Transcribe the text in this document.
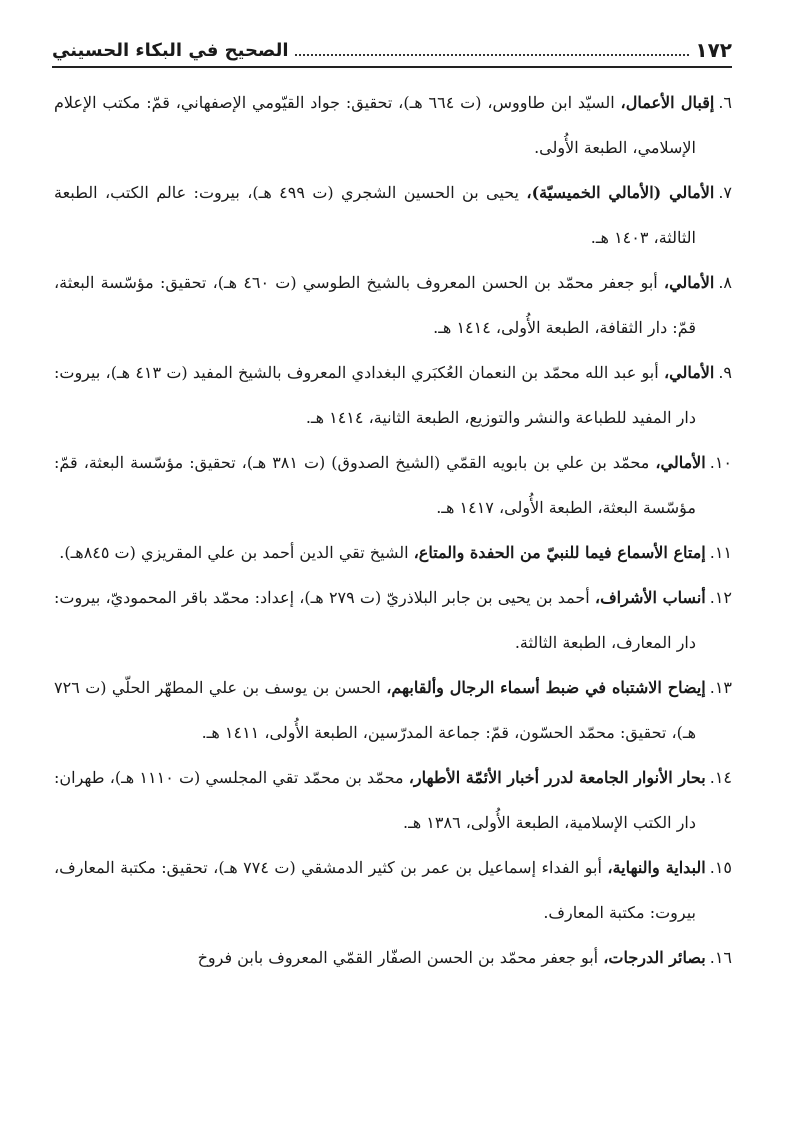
١٧٢
الصحيح في البكاء الحسيني
٦.إقبال الأعمال، السيّد ابن طاووس، (ت ٦٦٤ هـ)، تحقيق: جواد القيّومي الإصفهاني، قمّ: مكتب الإعلام الإسلامي، الطبعة الأُولى.
٧.الأمالي (الأمالي الخميسيّة)، يحيى بن الحسين الشجري (ت ٤٩٩ هـ)، بيروت: عالم الكتب، الطبعة الثالثة، ١٤٠٣ هـ.
٨.الأمالي، أبو جعفر محمّد بن الحسن المعروف بالشيخ الطوسي (ت ٤٦٠ هـ)، تحقيق: مؤسّسة البعثة، قمّ: دار الثقافة، الطبعة الأُولى، ١٤١٤ هـ.
٩.الأمالي، أبو عبد الله محمّد بن النعمان العُكبَري البغدادي المعروف بالشيخ المفيد (ت ٤١٣ هـ)، بيروت: دار المفيد للطباعة والنشر والتوزيع، الطبعة الثانية، ١٤١٤ هـ.
١٠.الأمالي، محمّد بن علي بن بابويه القمّي (الشيخ الصدوق) (ت ٣٨١ هـ)، تحقيق: مؤسّسة البعثة، قمّ: مؤسّسة البعثة، الطبعة الأُولى، ١٤١٧ هـ.
١١.إمتاع الأسماع فيما للنبيّ من الحفدة والمتاع، الشيخ تقي الدين أحمد بن علي المقريزي (ت ٨٤٥هـ).
١٢.أنساب الأشراف، أحمد بن يحيى بن جابر البلاذريّ (ت ٢٧٩ هـ)، إعداد: محمّد باقر المحموديّ، بيروت: دار المعارف، الطبعة الثالثة.
١٣.إيضاح الاشتباه في ضبط أسماء الرجال وألقابهم، الحسن بن يوسف بن علي المطهّر الحلّي (ت ٧٢٦ هـ)، تحقيق: محمّد الحسّون، قمّ: جماعة المدرّسين، الطبعة الأُولى، ١٤١١ هـ.
١٤.بحار الأنوار الجامعة لدرر أخبار الأئمّة الأطهار، محمّد بن محمّد تقي المجلسي (ت ١١١٠ هـ)، طهران: دار الكتب الإسلامية، الطبعة الأُولى، ١٣٨٦ هـ.
١٥.البداية والنهاية، أبو الفداء إسماعيل بن عمر بن كثير الدمشقي (ت ٧٧٤ هـ)، تحقيق: مكتبة المعارف، بيروت: مكتبة المعارف.
١٦.بصائر الدرجات، أبو جعفر محمّد بن الحسن الصفّار القمّي المعروف بابن فروخ
